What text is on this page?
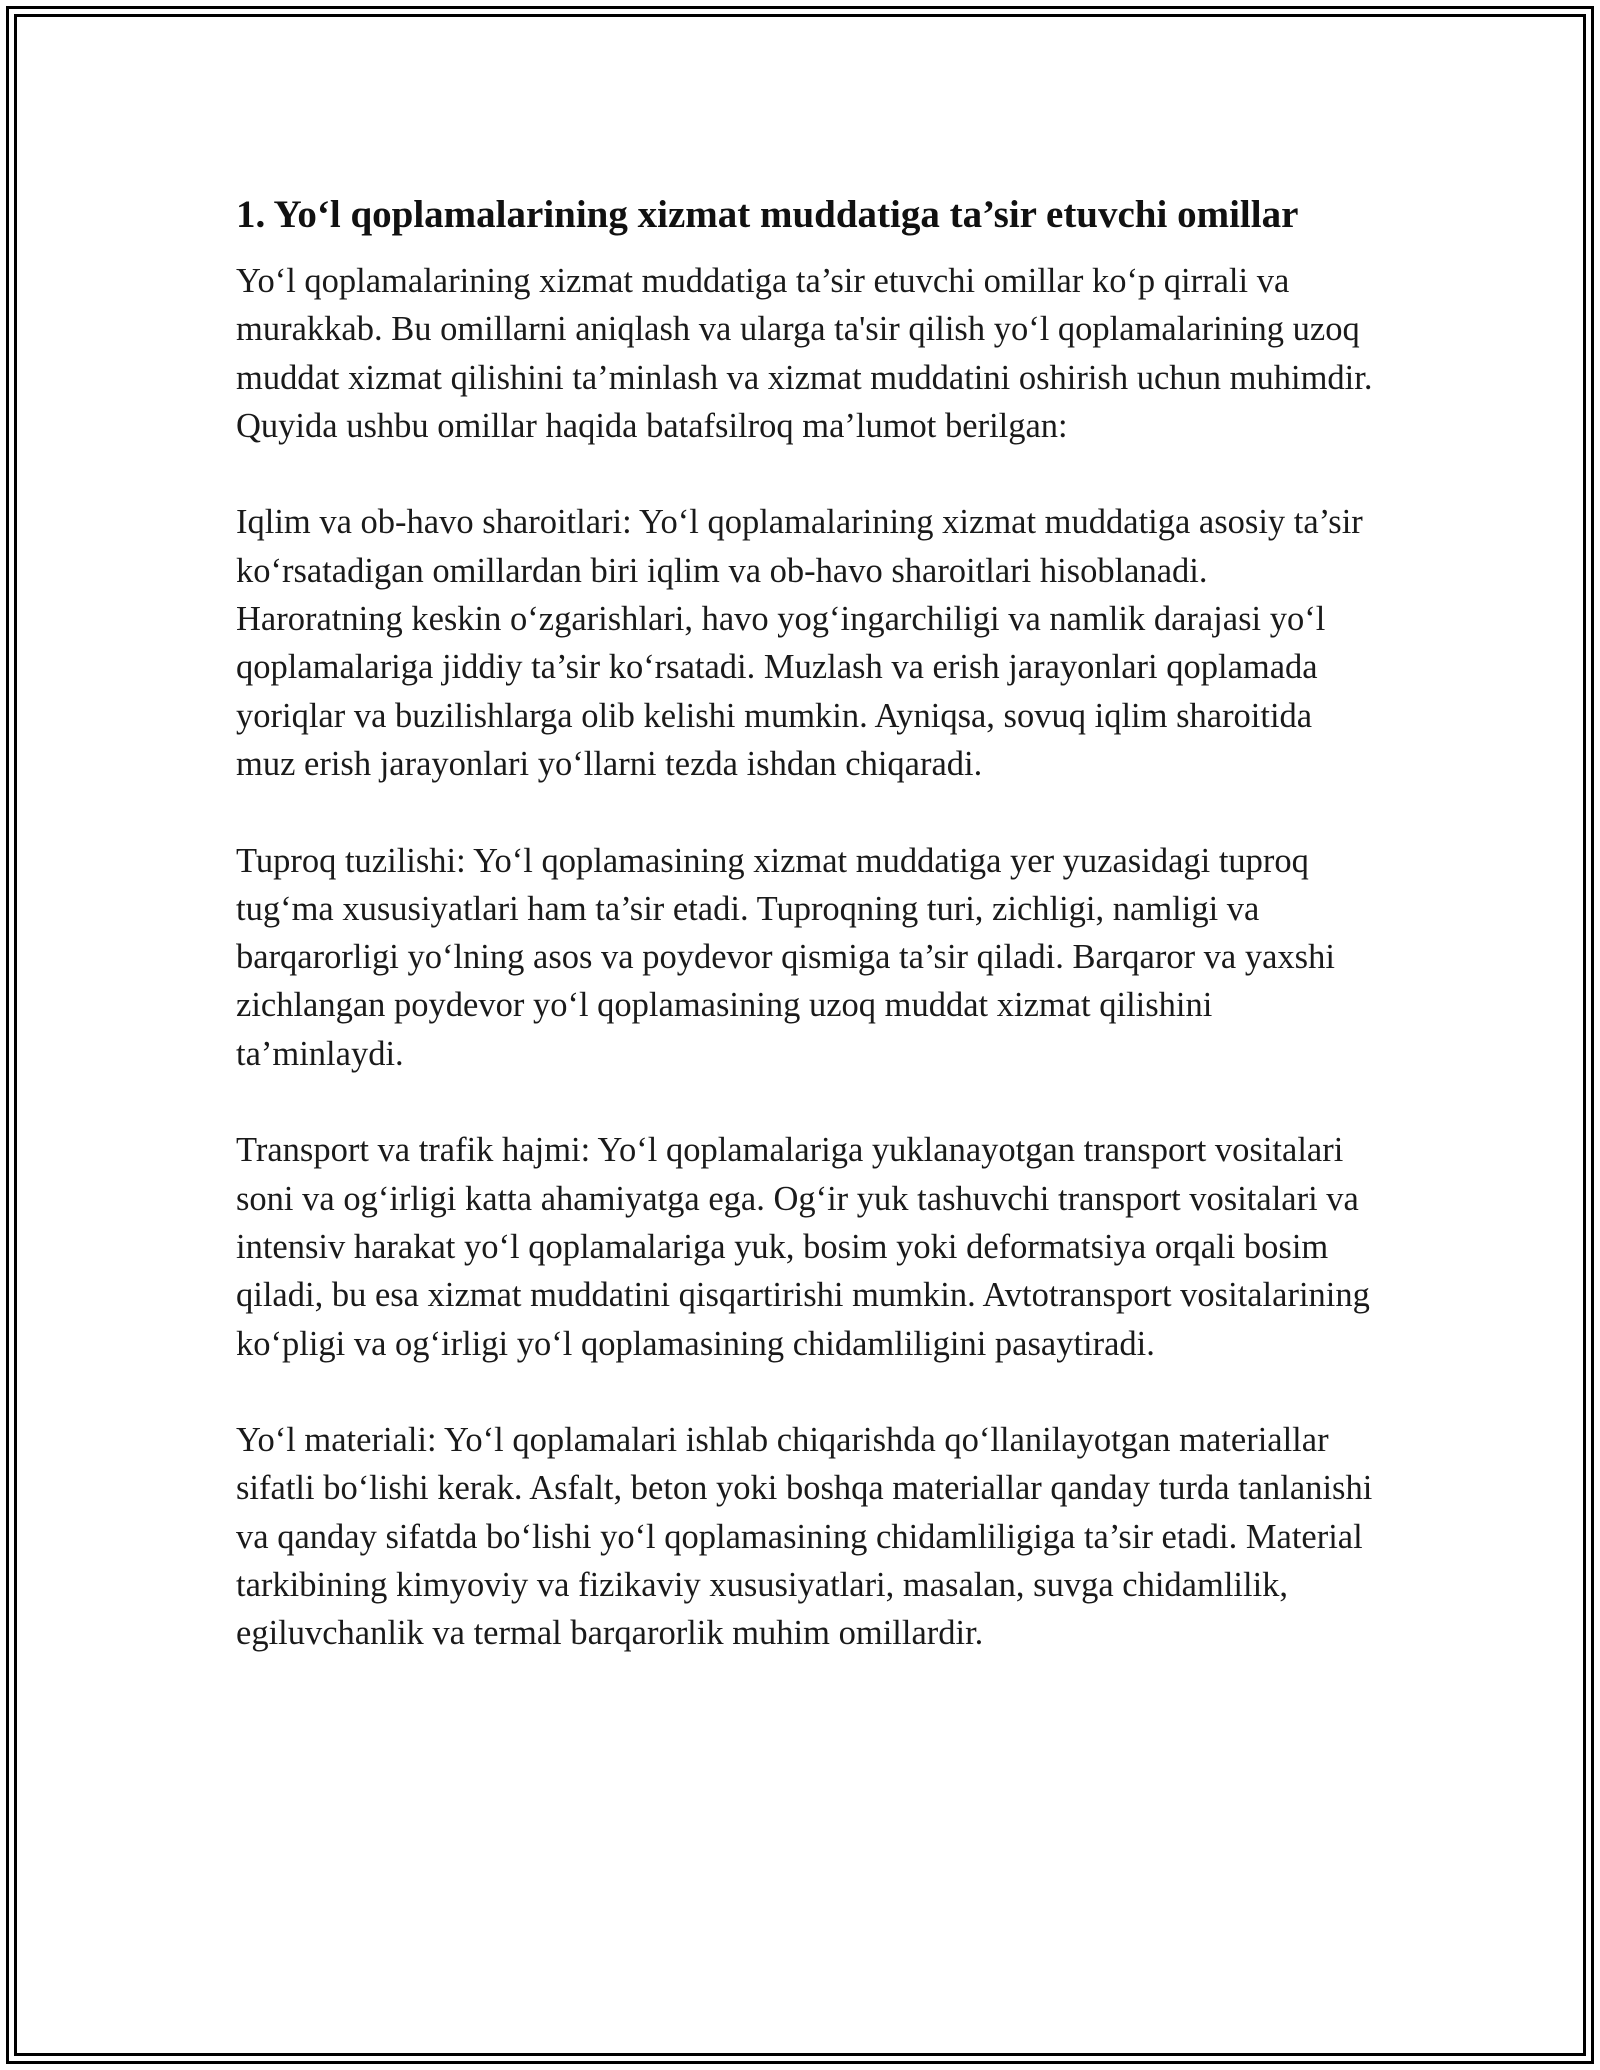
1. Yo‘l qoplamalarining xizmat muddatiga ta’sir etuvchi omillar

Yo‘l qoplamalarining xizmat muddatiga ta’sir etuvchi omillar ko‘p qirrali va murakkab. Bu omillarni aniqlash va ularga ta'sir qilish yo‘l qoplamalarining uzoq muddat xizmat qilishini ta’minlash va xizmat muddatini oshirish uchun muhimdir. Quyida ushbu omillar haqida batafsilroq ma’lumot berilgan:

Iqlim va ob-havo sharoitlari: Yo‘l qoplamalarining xizmat muddatiga asosiy ta’sir ko‘rsatadigan omillardan biri iqlim va ob-havo sharoitlari hisoblanadi. Haroratning keskin o‘zgarishlari, havo yog‘ingarchiligi va namlik darajasi yo‘l qoplamalariga jiddiy ta’sir ko‘rsatadi. Muzlash va erish jarayonlari qoplamada yoriqlar va buzilishlarga olib kelishi mumkin. Ayniqsa, sovuq iqlim sharoitida muz erish jarayonlari yo‘llarni tezda ishdan chiqaradi.

Tuproq tuzilishi: Yo‘l qoplamasining xizmat muddatiga yer yuzasidagi tuproq tug‘ma xususiyatlari ham ta’sir etadi. Tuproqning turi, zichligi, namligi va barqarorligi yo‘lning asos va poydevor qismiga ta’sir qiladi. Barqaror va yaxshi zichlangan poydevor yo‘l qoplamasining uzoq muddat xizmat qilishini ta’minlaydi.

Transport va trafik hajmi: Yo‘l qoplamalariga yuklanayotgan transport vositalari soni va og‘irligi katta ahamiyatga ega. Og‘ir yuk tashuvchi transport vositalari va intensiv harakat yo‘l qoplamalariga yuk, bosim yoki deformatsiya orqali bosim qiladi, bu esa xizmat muddatini qisqartirishi mumkin. Avtotransport vositalarining ko‘pligi va og‘irligi yo‘l qoplamasining chidamliligini pasaytiradi.

Yo‘l materiali: Yo‘l qoplamalari ishlab chiqarishda qo‘llanilayotgan materiallar sifatli bo‘lishi kerak. Asfalt, beton yoki boshqa materiallar qanday turda tanlanishi va qanday sifatda bo‘lishi yo‘l qoplamasining chidamliligiga ta’sir etadi. Material tarkibining kimyoviy va fizikaviy xususiyatlari, masalan, suvga chidamlilik, egiluvchanlik va termal barqarorlik muhim omillardir.
